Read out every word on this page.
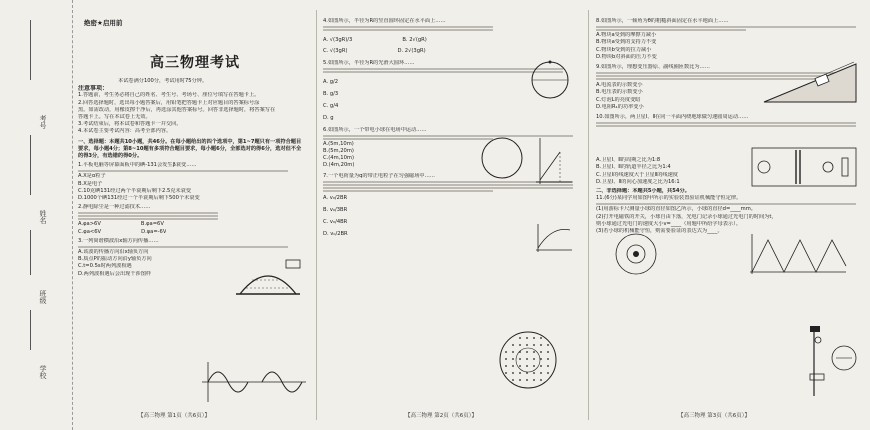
考号
姓名
班级
学校
绝密★启用前
高三物理考试
本试卷满分100分，考试用时75分钟。
注意事项：
1.答题前，考生务必将自己的姓名、考生号、考场号、座位号填写在答题卡上。
2.回答选择题时，选出每小题答案后，用铅笔把答题卡上对应题目的答案标号涂
黑。如需改动，用橡皮擦干净后，再选涂其他答案标号。回答非选择题时，将答案写在
答题卡上。写在本试卷上无效。
3.考试结束后，将本试卷和答题卡一并交回。
4.本试卷主要考试内容：高考全部内容。
一、选择题：本题共10小题，共46分。在每小题给出的四个选项中，第1~7题只有一项符合题目要求，每小题4分；第8~10题有多项符合题目要求，每小题6分，全部选对的得6分，选对但不全的得3分，有选错的得0分。
1.平板电脑等屏幕面板中的碘-131会发生β衰变……
A.X是α粒子
B.X是电子
C.10克碘131经过两个半衰期后剩下2.5克未衰变
D.1000个碘131经过一个半衰期后剩下500个未衰变
2.静电除尘是一种过滤技术……
A.φa>6V	B.φa=6V
C.φa<6V	D.φa=-6V
3.一列简谐横波沿x轴方向传播……
A.该波的传播方向沿x轴负方向
B.质点P的振动方向沿y轴负方向
C.t=0.5s时两列波相遇
D.两列波相遇后会出现干涉图样
4.如图所示，半径为R的竖直圆环固定在水平面上……
A. √(3gR)/3	B. 2√(gR)
C. √(3gR)	D. 2√(3gR)
5.如图所示，半径为R的光滑大圆环……
A. g/2
B. g/3
C. g/4
D. g
6.如图所示，一个带电小球在电场中运动……
A.(5m,10m)
B.(5m,20m)
C.(4m,10m)
D.(4m,20m)
7.一个电荷量为q的带正电粒子在匀强磁场中……
A. v₀/2BR
B. v₀/3BR
C. v₀/4BR
D. v₀/2BR
8.如图所示，一倾角为θ的粗糙斜面固定在水平地面上……
A.物块a受到的摩擦力减小
B.物块a受到的支持力不变
C.物块b受到的拉力减小
D.物块b对斜面的压力不变
9.如图所示，理想变压器原、副线圈匝数比为……
A.电流表的示数变小
B.电压表的示数变小
C.灯泡L的亮度变暗
D.电阻R₁的功率变小
10.如图所示，两卫星Ⅰ、Ⅱ在同一平面内绕地球做匀速圆周运动……
A.卫星Ⅰ、Ⅱ的周期之比为1:8
B.卫星Ⅰ、Ⅱ的轨道半径之比为1:4
C.卫星Ⅰ的线速度大于卫星Ⅱ的线速度
D.卫星Ⅰ、Ⅱ的向心加速度之比为16:1
二、非选择题：本题共5小题，共54分。
11.(6分)某同学用如图甲所示的实验装置验证机械能守恒定律。
(1)用游标卡尺测量小球的直径如图乙所示，小球的直径d=____mm。
(2)打开电磁铁的开关，小球自由下落，光电门记录小球通过光电门的时间为t，
则小球通过光电门的速度大小v=____（用题中所给字母表示）。
(3)若小球的机械能守恒，则需要验证的表达式为____。
【高三物理 第1页（共6页）】	【高三物理 第2页（共6页）】	【高三物理 第3页（共6页）】
